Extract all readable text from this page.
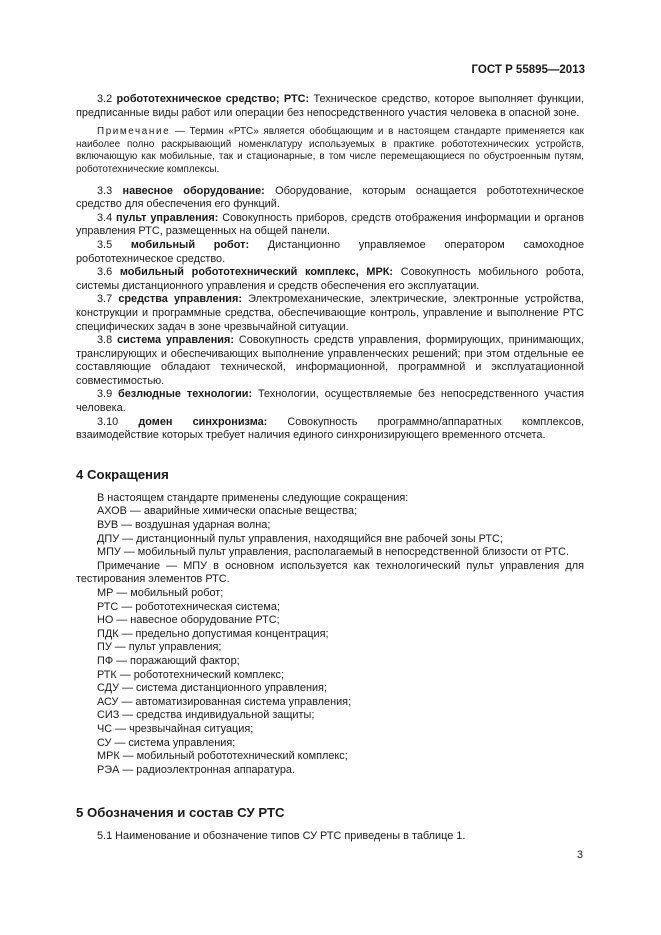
ГОСТ Р 55895—2013

3.2 робототехническое средство; РТС: Техническое средство, которое выполняет функции, предписанные виды работ или операции без непосредственного участия человека в опасной зоне.

Примечание — Термин «РТС» является обобщающим и в настоящем стандарте применяется как наиболее полно раскрывающий номенклатуру используемых в практике робототехнических устройств, включающую как мобильные, так и стационарные, в том числе перемещающиеся по обустроенным путям, робототехнические комплексы.

3.3 навесное оборудование: Оборудование, которым оснащается робототехническое средство для обеспечения его функций.

3.4 пульт управления: Совокупность приборов, средств отображения информации и органов управления РТС, размещенных на общей панели.

3.5 мобильный робот: Дистанционно управляемое оператором самоходное робототехническое средство.

3.6 мобильный робототехнический комплекс, МРК: Совокупность мобильного робота, системы дистанционного управления и средств обеспечения его эксплуатации.

3.7 средства управления: Электромеханические, электрические, электронные устройства, конструкции и программные средства, обеспечивающие контроль, управление и выполнение РТС специфических задач в зоне чрезвычайной ситуации.

3.8 система управления: Совокупность средств управления, формирующих, принимающих, транслирующих и обеспечивающих выполнение управленческих решений; при этом отдельные ее составляющие обладают технической, информационной, программной и эксплуатационной совместимостью.

3.9 безлюдные технологии: Технологии, осуществляемые без непосредственного участия человека.

3.10 домен синхронизма: Совокупность программно/аппаратных комплексов, взаимодействие которых требует наличия единого синхронизирующего временного отсчета.

4 Сокращения

В настоящем стандарте применены следующие сокращения:

АХОВ — аварийные химически опасные вещества;

ВУВ — воздушная ударная волна;

ДПУ — дистанционный пульт управления, находящийся вне рабочей зоны РТС;

МПУ — мобильный пульт управления, располагаемый в непосредственной близости от РТС.

Примечание — МПУ в основном используется как технологический пульт управления для тестирования элементов РТС.

МР — мобильный робот;

РТС — робототехническая система;

НО — навесное оборудование РТС;

ПДК — предельно допустимая концентрация;

ПУ — пульт управления;

ПФ — поражающий фактор;

РТК — робототехнический комплекс;

СДУ — система дистанционного управления;

АСУ — автоматизированная система управления;

СИЗ — средства индивидуальной защиты;

ЧС — чрезвычайная ситуация;

СУ — система управления;

МРК — мобильный робототехнический комплекс;

РЭА — радиоэлектронная аппаратура.

5 Обозначения и состав СУ РТС

5.1 Наименование и обозначение типов СУ РТС приведены в таблице 1.

3
